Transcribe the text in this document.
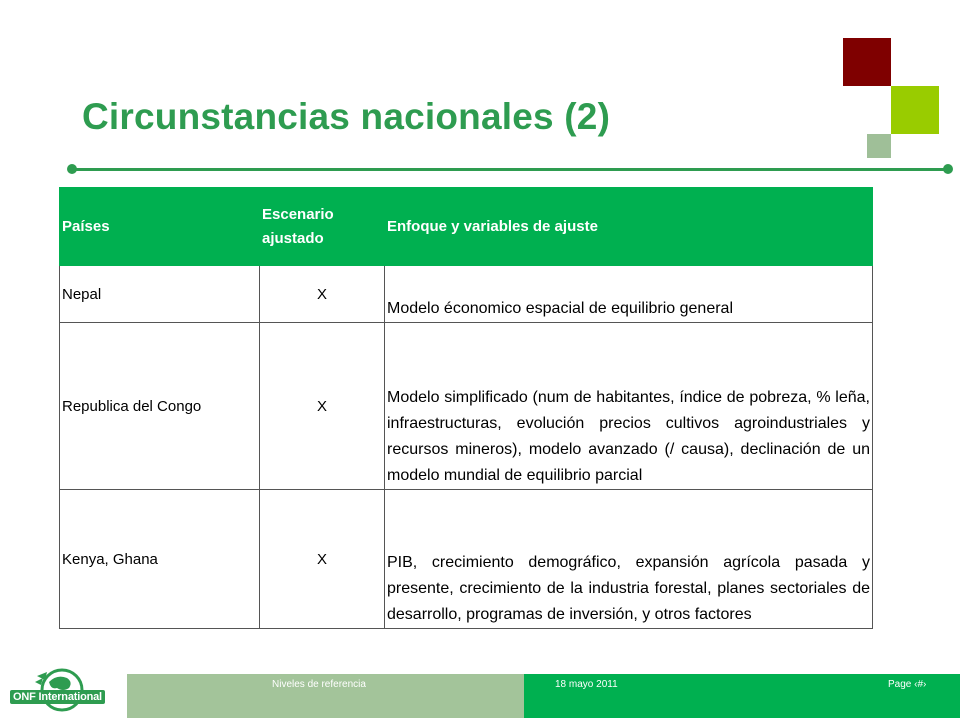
Circunstancias nacionales (2)
Países	Escenario ajustado	Enfoque y variables de ajuste
Nepal	X	Modelo économico espacial de equilibrio general
Republica del Congo	X	Modelo simplificado (num de habitantes, índice de pobreza, % leña, infraestructuras, evolución precios cultivos agroindustriales y recursos mineros), modelo avanzado (/ causa), declinación de un modelo mundial de equilibrio parcial
Kenya, Ghana	X	PIB, crecimiento demográfico, expansión agrícola pasada y presente, crecimiento de la industria forestal, planes sectoriales de desarrollo, programas de inversión, y otros factores
ONF International
Niveles de referencia	18 mayo 2011	Page ‹#›
